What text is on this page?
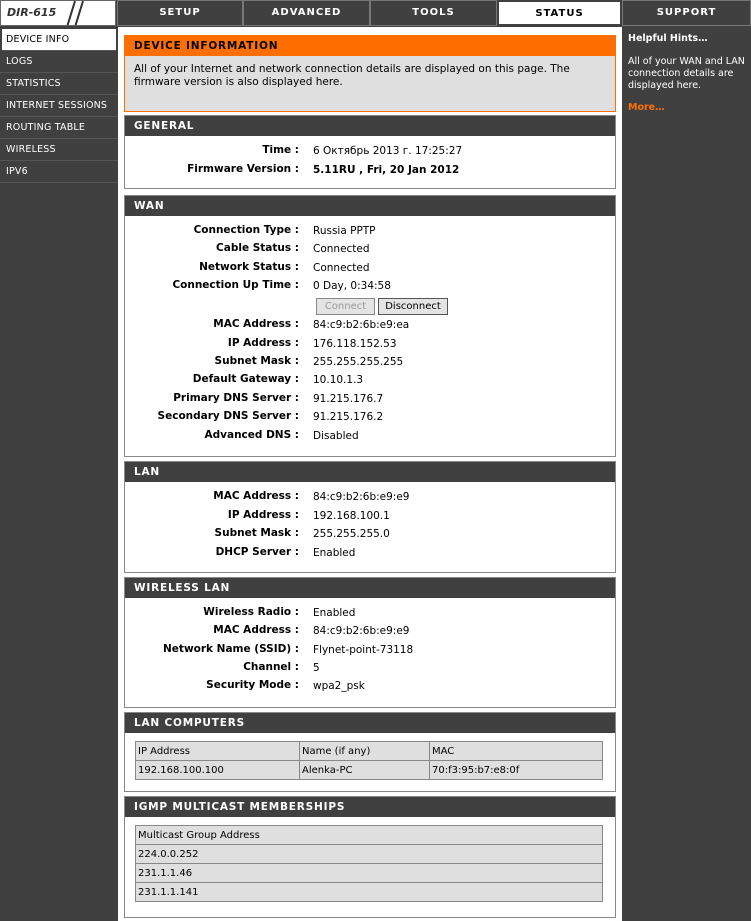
DIR-615	SETUP	ADVANCED	TOOLS	STATUS	SUPPORT
DEVICE INFO
LOGS
STATISTICS
INTERNET SESSIONS
ROUTING TABLE
WIRELESS
IPV6
Helpful Hints…
All of your WAN and LAN connection details are displayed here.
More…
DEVICE INFORMATION
All of your Internet and network connection details are displayed on this page. The firmware version is also displayed here.
GENERAL
Time : 6 Октябрь 2013 г. 17:25:27
Firmware Version : 5.11RU , Fri, 20 Jan 2012
WAN
Connection Type : Russia PPTP
Cable Status : Connected
Network Status : Connected
Connection Up Time : 0 Day, 0:34:58
Connect	Disconnect
MAC Address : 84:c9:b2:6b:e9:ea
IP Address : 176.118.152.53
Subnet Mask : 255.255.255.255
Default Gateway : 10.10.1.3
Primary DNS Server : 91.215.176.7
Secondary DNS Server : 91.215.176.2
Advanced DNS : Disabled
LAN
MAC Address : 84:c9:b2:6b:e9:e9
IP Address : 192.168.100.1
Subnet Mask : 255.255.255.0
DHCP Server : Enabled
WIRELESS LAN
Wireless Radio : Enabled
MAC Address : 84:c9:b2:6b:e9:e9
Network Name (SSID) : Flynet-point-73118
Channel : 5
Security Mode : wpa2_psk
LAN COMPUTERS
IP Address	Name (if any)	MAC
192.168.100.100	Alenka-PC	70:f3:95:b7:e8:0f
IGMP MULTICAST MEMBERSHIPS
Multicast Group Address
224.0.0.252
231.1.1.46
231.1.1.141
